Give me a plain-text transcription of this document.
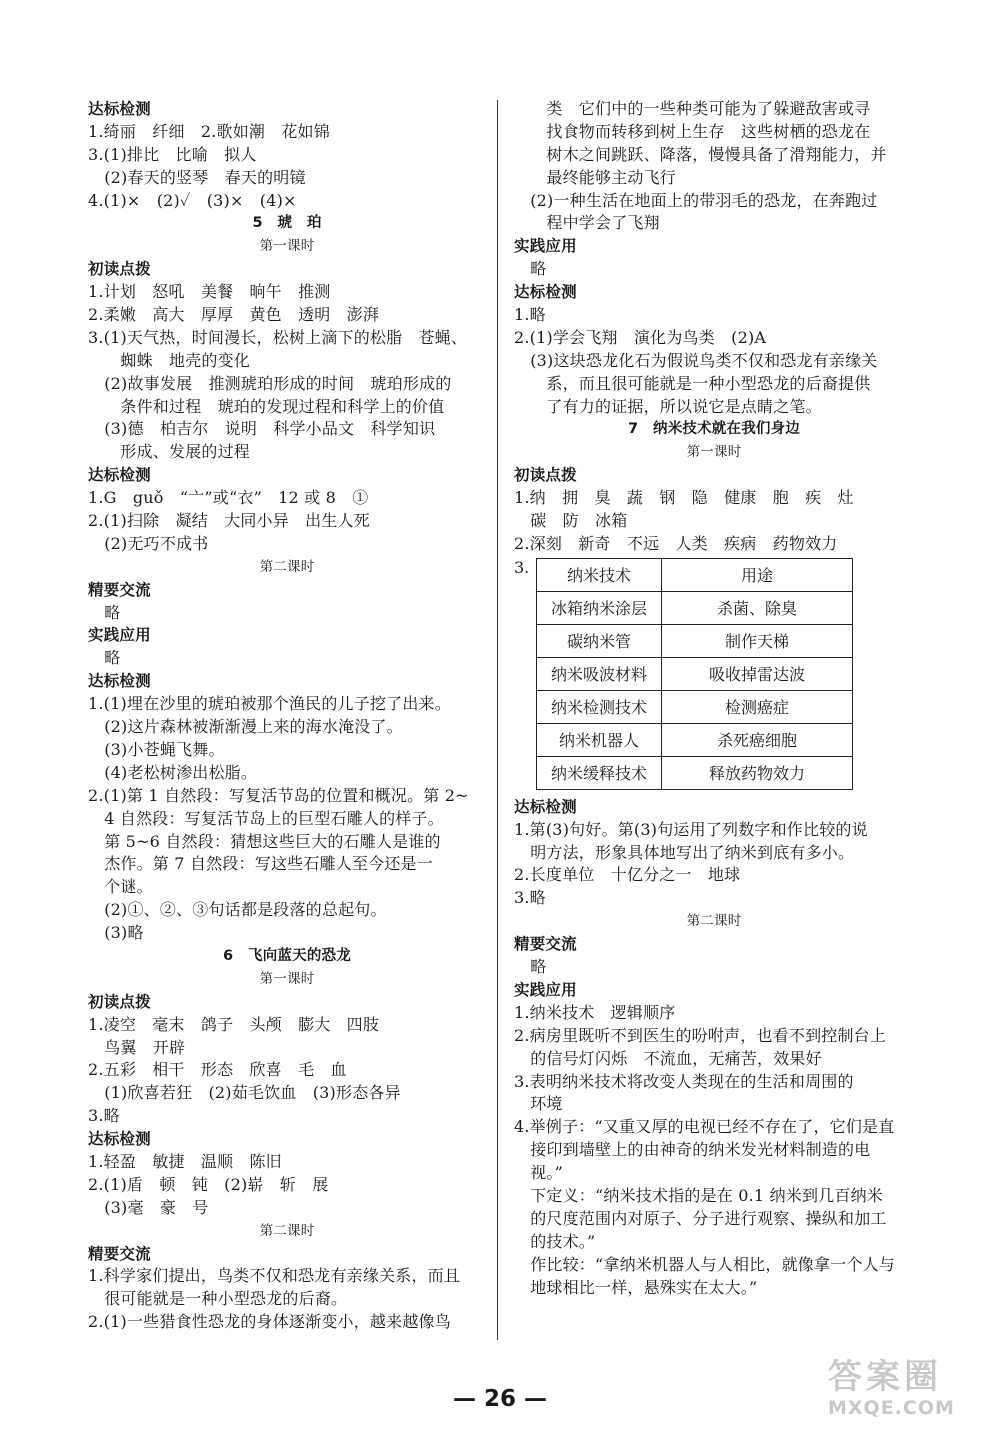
达标检测
1.绮丽　纤细　2.歌如潮　花如锦
3.(1)排比　比喻　拟人
　(2)春天的竖琴　春天的明镜
4.(1)×　(2)✓　(3)×　(4)×
5　琥　珀
第一课时
初读点拨
1.计划　怒吼　美餐　晌午　推测
2.柔嫩　高大　厚厚　黄色　透明　澎湃
3.(1)天气热，时间漫长，松树上滴下的松脂　苍蝇、
　　蜘蛛　地壳的变化
　(2)故事发展　推测琥珀形成的时间　琥珀形成的
　　条件和过程　琥珀的发现过程和科学上的价值
　(3)德　柏吉尔　说明　科学小品文　科学知识
　　形成、发展的过程
达标检测
1.G　guǒ　“亠”或“衣”　12 或 8　①
2.(1)扫除　凝结　大同小异　出生人死
　(2)无巧不成书
第二课时
精要交流
　略
实践应用
　略
达标检测
1.(1)埋在沙里的琥珀被那个渔民的儿子挖了出来。
　(2)这片森林被渐渐漫上来的海水淹没了。
　(3)小苍蝇飞舞。
　(4)老松树渗出松脂。
2.(1)第 1 自然段：写复活节岛的位置和概况。第 2~
　4 自然段：写复活节岛上的巨型石雕人的样子。
　第 5~6 自然段：猜想这些巨大的石雕人是谁的
　杰作。第 7 自然段：写这些石雕人至今还是一
　个谜。
　(2)①、②、③句话都是段落的总起句。
　(3)略
6　飞向蓝天的恐龙
第一课时
初读点拨
1.凌空　毫末　鸽子　头颅　膨大　四肢
　鸟翼　开辟
2.五彩　相干　形态　欣喜　毛　血
　(1)欣喜若狂　(2)茹毛饮血　(3)形态各异
3.略
达标检测
1.轻盈　敏捷　温顺　陈旧
2.(1)盾　顿　钝　(2)崭　斩　展
　(3)毫　豪　号
第二课时
精要交流
1.科学家们提出，鸟类不仅和恐龙有亲缘关系，而且
　很可能就是一种小型恐龙的后裔。
2.(1)一些猎食性恐龙的身体逐渐变小，越来越像鸟
　　类　它们中的一些种类可能为了躲避敌害或寻
　　找食物而转移到树上生存　这些树栖的恐龙在
　　树木之间跳跃、降落，慢慢具备了滑翔能力，并
　　最终能够主动飞行
　(2)一种生活在地面上的带羽毛的恐龙，在奔跑过
　　程中学会了飞翔
实践应用
　略
达标检测
1.略
2.(1)学会飞翔　演化为鸟类　(2)A
　(3)这块恐龙化石为假说鸟类不仅和恐龙有亲缘关
　　系，而且很可能就是一种小型恐龙的后裔提供
　　了有力的证据，所以说它是点睛之笔。
7　纳米技术就在我们身边
第一课时
初读点拨
1.纳　拥　臭　蔬　钢　隐　健康　胞　疾　灶
　碳　防　冰箱
2.深刻　新奇　不远　人类　疾病　药物效力
3. 纳米技术	用途
冰箱纳米涂层	杀菌、除臭
碳纳米管	制作天梯
纳米吸波材料	吸收掉雷达波
纳米检测技术	检测癌症
纳米机器人	杀死癌细胞
纳米缓释技术	释放药物效力
达标检测
1.第(3)句好。第(3)句运用了列数字和作比较的说
　明方法，形象具体地写出了纳米到底有多小。
2.长度单位　十亿分之一　地球
3.略
第二课时
精要交流
　略
实践应用
1.纳米技术　逻辑顺序
2.病房里既听不到医生的吩咐声，也看不到控制台上
　的信号灯闪烁　不流血，无痛苦，效果好
3.表明纳米技术将改变人类现在的生活和周围的
　环境
4.举例子：“又重又厚的电视已经不存在了，它们是直
　接印到墙壁上的由神奇的纳米发光材料制造的电
　视。”
　下定义：“纳米技术指的是在 0.1 纳米到几百纳米
　的尺度范围内对原子、分子进行观察、操纵和加工
　的技术。”
　作比较：“拿纳米机器人与人相比，就像拿一个人与
　地球相比一样，悬殊实在太大。”
— 26 —
答案圈
MXQE.COM
